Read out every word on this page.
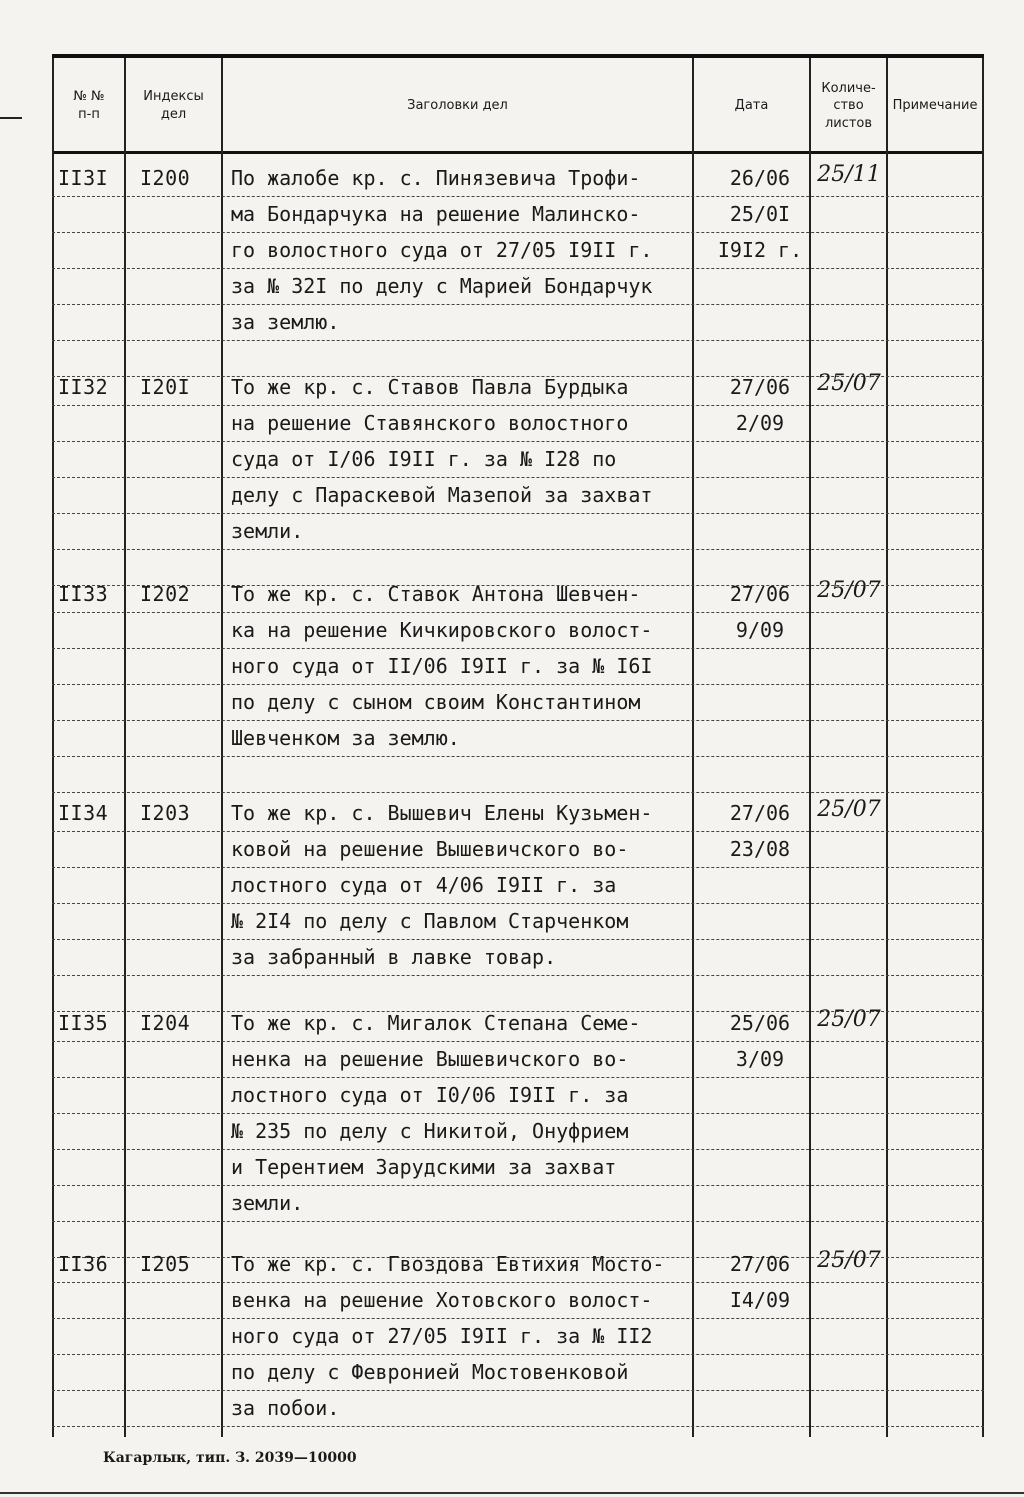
№ №
п-п
Индексы
дел
Заголовки дел	Дата
Количе-
ство
листов
Примечание
II3I I200 По жалобе кр. с. Пинязевича Трофи-
ма Бондарчука на решение Малинско-
го волостного суда от 27/05 I9II г.
за № 32I по делу с Марией Бондарчук
за землю.
26/06
25/0I
I9I2 г.
25/11
II32 I20I То же кр. с. Ставов Павла Бурдыка
на решение Ставянского волостного
суда от I/06 I9II г. за № I28 по
делу с Параскевой Мазепой за захват
земли.
27/06
2/09
25/07
II33 I202 То же кр. с. Ставок Антона Шевчен-
ка на решение Кичкировского волост-
ного суда от II/06 I9II г. за № I6I
по делу с сыном своим Константином
Шевченком за землю.
27/06
9/09
25/07
II34 I203 То же кр. с. Вышевич Елены Кузьмен-
ковой на решение Вышевичского во-
лостного суда от 4/06 I9II г. за
№ 2I4 по делу с Павлом Старченком
за забранный в лавке товар.
27/06
23/08
25/07
II35 I204 То же кр. с. Мигалок Степана Семе-
ненка на решение Вышевичского во-
лостного суда от I0/06 I9II г. за
№ 235 по делу с Никитой, Онуфрием
и Терентием Зарудскими за захват
земли.
25/06
3/09
25/07
II36 I205 То же кр. с. Гвоздова Евтихия Мосто-
венка на решение Хотовского волост-
ного суда от 27/05 I9II г. за № II2
по делу с Февронией Мостовенковой
за побои.
27/06
I4/09
25/07
Кагарлык, тип. З. 2039—10000
